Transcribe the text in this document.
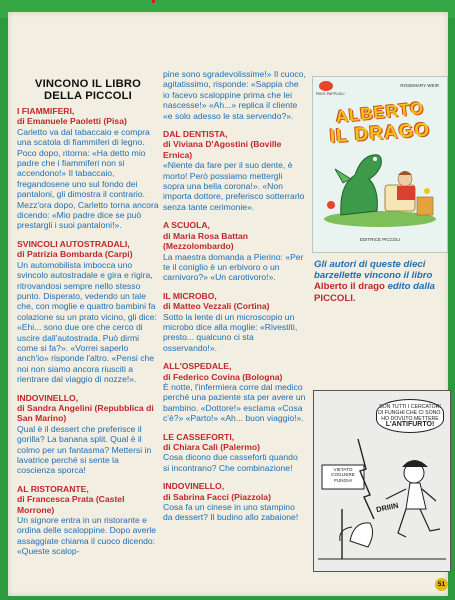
VINCONO IL LIBRO DELLA PICCOLI

I FIAMMIFERI,
di Emanuele Paoletti (Pisa)

Carletto va dal tabaccaio e compra una scatola di fiammiferi di legno. Poco dopo, ritorna: «Ha detto mio padre che i fiammiferi non si accendono!» Il tabaccaio, fregandosene uno sul fondo dei pantaloni, gli dimostra il contrario. Mezz'ora dopo, Carletto torna ancora dicendo: «Mio padre dice se può prestargli i suoi pantaloni!».

SVINCOLI AUTOSTRADALI,
di Patrizia Bombarda (Carpi)

Un automobilista imbocca uno svincolo autostradale e gira e rigira, ritrovandosi sempre nello stesso punto. Disperato, vedendo un tale che, con moglie e quattro bambini fa colazione su un prato vicino, gli dice: «Ehi... sono due ore che cerco di uscire dall'autostrada. Può dirmi come si fa?». «Vorrei saperlo anch'io» risponde l'altro. «Pensi che noi non siamo ancora riusciti a rientrare dal viaggio di nozze!».

INDOVINELLO,
di Sandra Angelini (Repubblica di San Marino)

Qual è il dessert che preferisce il gorilla? La banana split. Qual è il colmo per un fantasma? Mettersi in lavatrice perché si sente la coscienza sporca!

AL RISTORANTE,
di Francesca Prata (Castel Morrone)

Un signore entra in un ristorante e ordina delle scaloppine. Dopo averle assaggiate chiama il cuoco dicendo: «Queste scalop-

pine sono sgradevolissime!» Il cuoco, agitatissimo, risponde: «Sappia che io facevo scaloppine prima che lei nascesse!» «Ah...» replica il cliente «e solo adesso le sta servendo?».

DAL DENTISTA,
di Viviana D'Agostini (Boville Ernica)

«Niente da fare per il suo dente, è morto! Però possiamo mettergli sopra una bella corona!». «Non importa dottore, preferisco sotterrarlo senza tante cerimonie».

A SCUOLA,
di Maria Rosa Battan (Mezzolombardo)

La maestra domanda a Pierino: «Per te il coniglio è un erbivoro o un carnivoro?» «Un carotivoro!».

IL MICROBO,
di Matteo Vezzali (Cortina)

Sotto la lente di un microscopio un microbo dice alla moglie: «Rivestiti, presto... qualcuno ci sta osservando!».

ALL'OSPEDALE,
di Federico Covina (Bologna)

È notte, l'infermiera corre dal medico perché una paziente sta per avere un bambino. «Dottore!» esclama «Cosa c'è?» «Parto!» «Ah... buon viaggio!».

LE CASSEFORTI,
di Chiara Calì (Palermo)

Cosa dicono due casseforti quando si incontrano? Che combinazione!

INDOVINELLO,
di Sabrina Facci (Piazzola)

Cosa fa un cinese in uno stampino da dessert? Il budino allo zabaione!

PIM E PAPPUGLI
ROSEMARY WEIR
ALBERTO
IL DRAGO
EDITRICE PICCOLI
Gli autori di queste dieci barzellette vincono il libro Alberto il drago edito dalla PICCOLI.
SON TUTTI I CERCATORI DI FUNGHI CHE CI SONO. HO DOVUTO METTERE
L'ANTIFURTO!
VIETATO COGLIERE FUNGHI
DRIIIN
51
